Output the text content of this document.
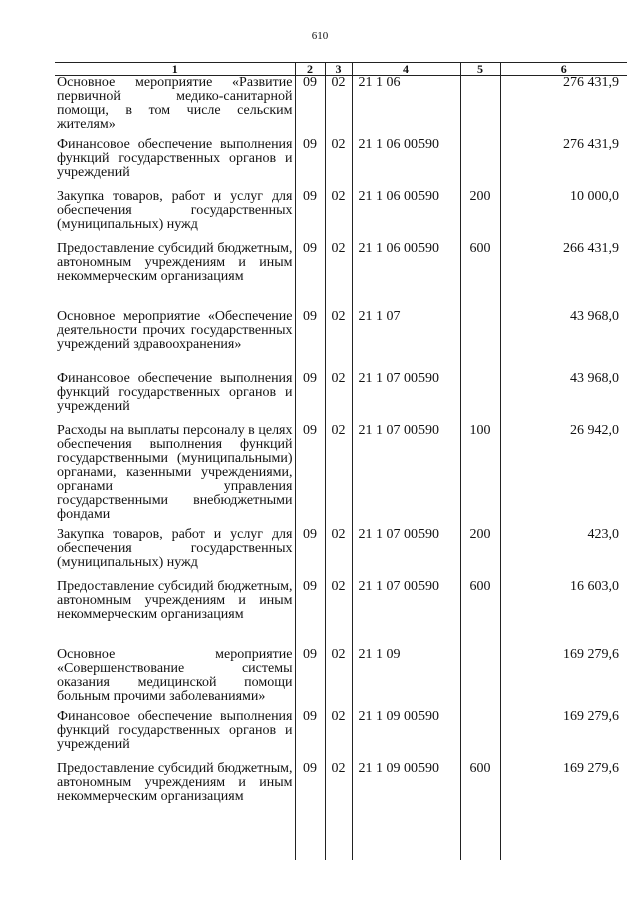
610
1	2	3	4	5	6
Основное мероприятие «Развитие первичной медико-санитарной помощи, в том числе сельским жителям»	09	02	21 1 06		276 431,9
Финансовое обеспечение выполнения функций государственных органов и учреждений	09	02	21 1 06 00590		276 431,9
Закупка товаров, работ и услуг для обеспечения государственных (муниципальных) нужд	09	02	21 1 06 00590	200	10 000,0
Предоставление субсидий бюджетным, автономным учреждениям и иным некоммерческим организациям	09	02	21 1 06 00590	600	266 431,9
Основное мероприятие «Обеспечение деятельности прочих государственных учреждений здравоохранения»	09	02	21 1 07		43 968,0
Финансовое обеспечение выполнения функций государственных органов и учреждений	09	02	21 1 07 00590		43 968,0
Расходы на выплаты персоналу в целях обеспечения выполнения функций государственными (муниципальными) органами, казенными учреждениями, органами управления государственными внебюджетными фондами	09	02	21 1 07 00590	100	26 942,0
Закупка товаров, работ и услуг для обеспечения государственных (муниципальных) нужд	09	02	21 1 07 00590	200	423,0
Предоставление субсидий бюджетным, автономным учреждениям и иным некоммерческим организациям	09	02	21 1 07 00590	600	16 603,0
Основное мероприятие «Совершенствование системы оказания медицинской помощи больным прочими заболеваниями»	09	02	21 1 09		169 279,6
Финансовое обеспечение выполнения функций государственных органов и учреждений	09	02	21 1 09 00590		169 279,6
Предоставление субсидий бюджетным, автономным учреждениям и иным некоммерческим организациям	09	02	21 1 09 00590	600	169 279,6
